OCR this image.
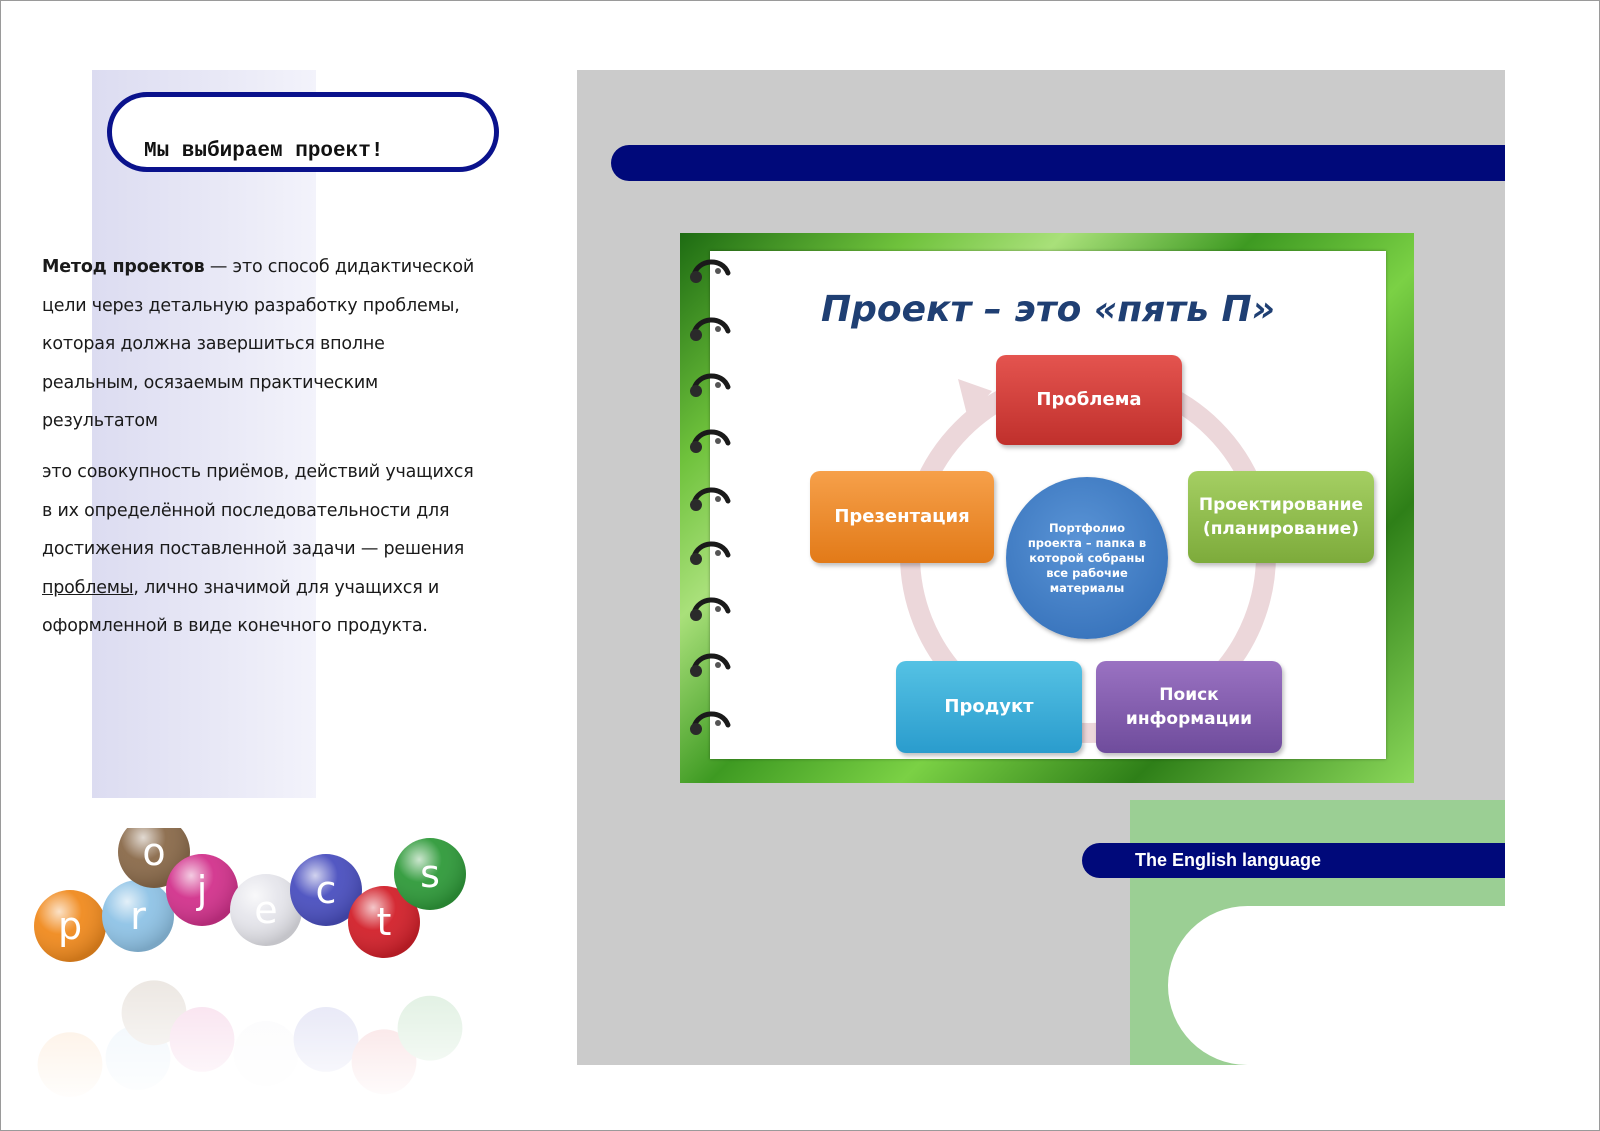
Мы выбираем проект!
Метод проектов — это способ дидактической цели через детальную разработку проблемы, которая должна завершиться вполне реальным, осязаемым практическим результатом
это совокупность приёмов, действий учащихся в их определённой последовательности для достижения поставленной задачи — решения проблемы, лично значимой для учащихся и оформленной в виде конечного продукта.
p r
o
j e c
t
s	The English language
Проект – это «пять П»
Проблема
Презентация
Проектирование (планирование)
Продукт
Поиск информации
Портфолио проекта – папка в которой собраны все рабочие материалы
